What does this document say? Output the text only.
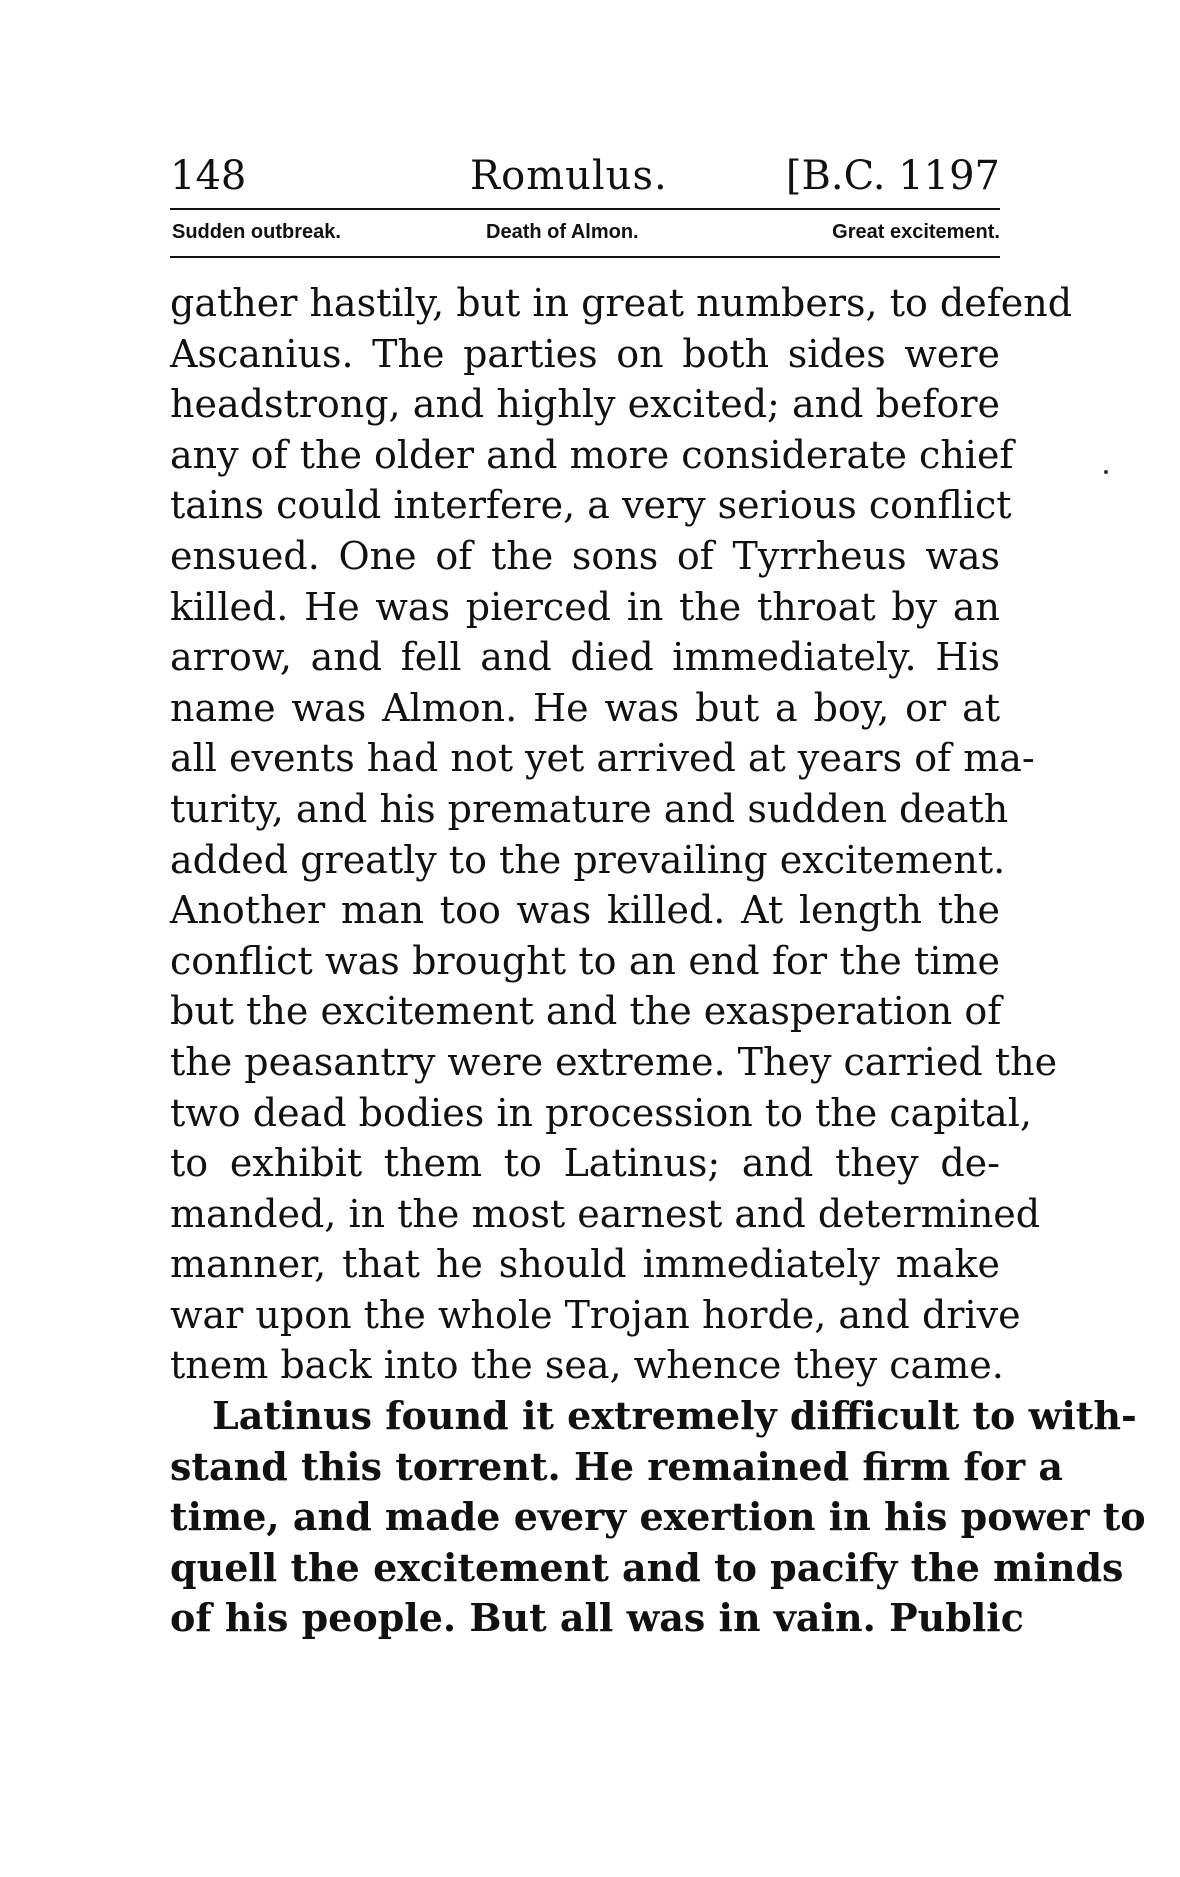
148	Romulus.	[B.C. 1197
Sudden outbreak.	Death of Almon.	Great excitement.
gather hastily, but in great numbers, to defend
Ascanius. The parties on both sides were
headstrong, and highly excited; and before
any of the older and more considerate chief
tains could interfere, a very serious conflict
ensued. One of the sons of Tyrrheus was
killed. He was pierced in the throat by an
arrow, and fell and died immediately. His
name was Almon. He was but a boy, or at
all events had not yet arrived at years of ma-
turity, and his premature and sudden death
added greatly to the prevailing excitement.
Another man too was killed. At length the
conflict was brought to an end for the time
but the excitement and the exasperation of
the peasantry were extreme. They carried the
two dead bodies in procession to the capital,
to exhibit them to Latinus; and they de-
manded, in the most earnest and determined
manner, that he should immediately make
war upon the whole Trojan horde, and drive
tnem back into the sea, whence they came.
Latinus found it extremely difficult to with-
stand this torrent. He remained firm for a
time, and made every exertion in his power to
quell the excitement and to pacify the minds
of his people. But all was in vain. Public
